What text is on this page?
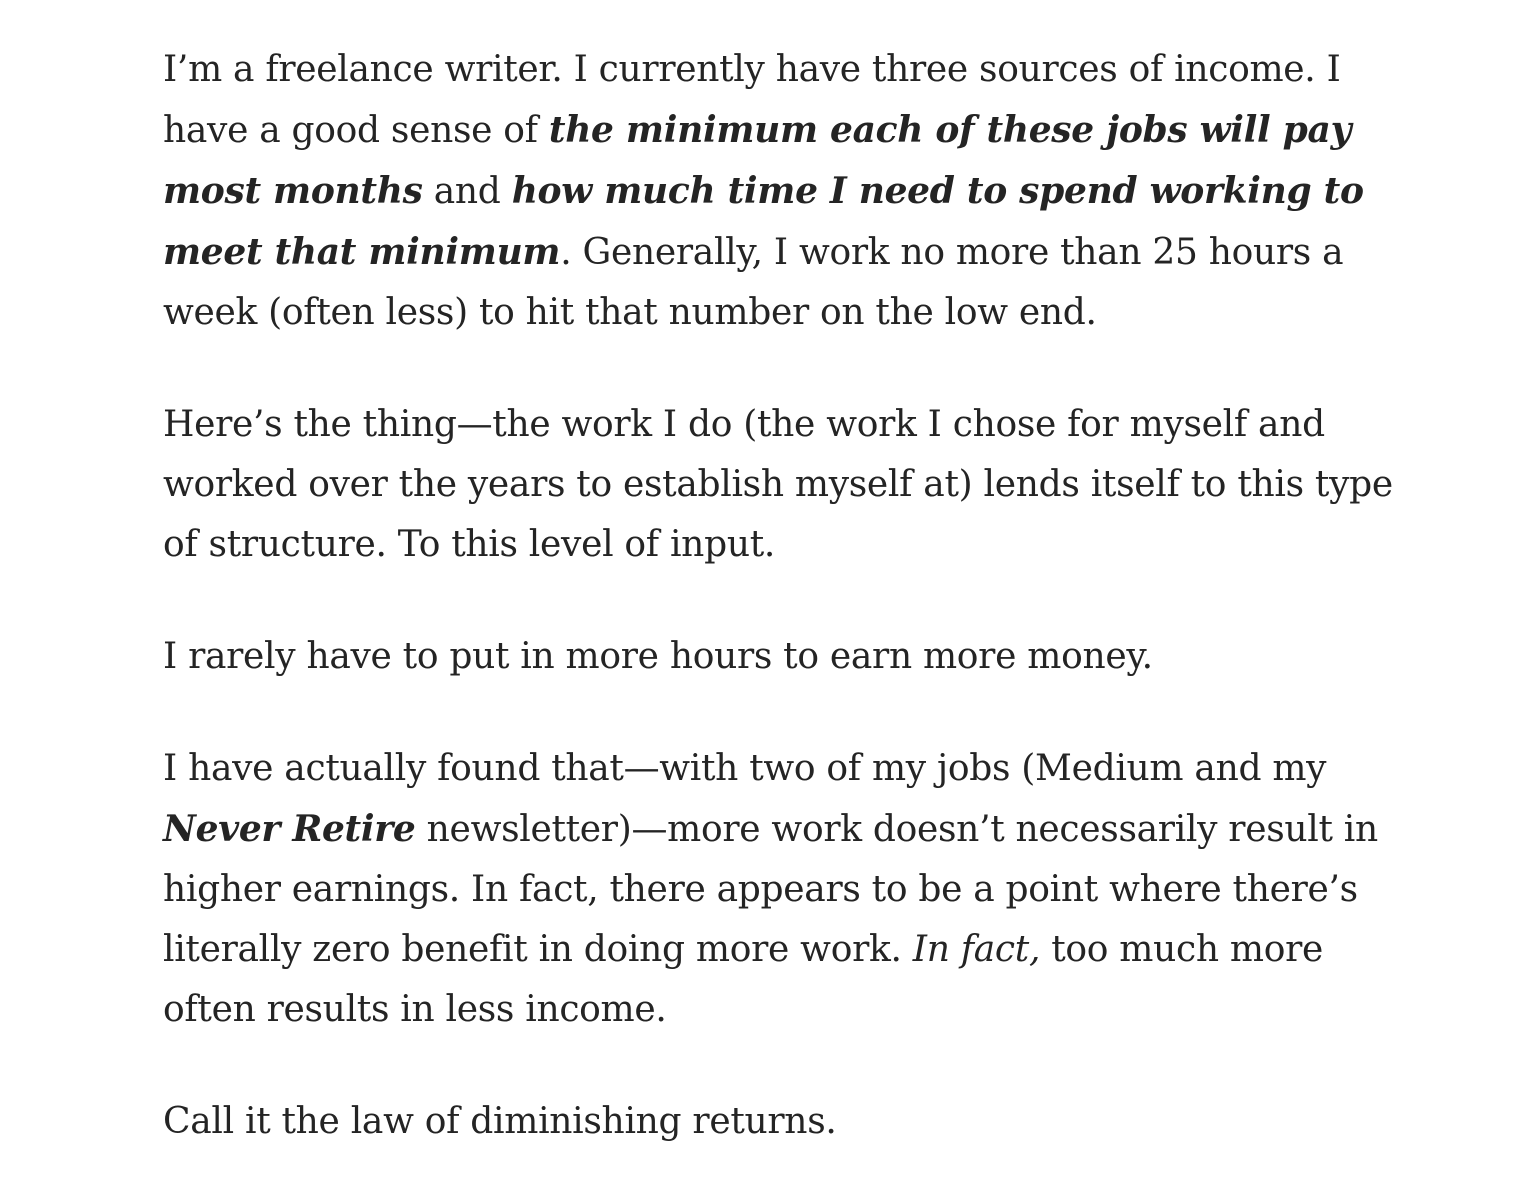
I’m a freelance writer. I currently have three sources of income. I have a good sense of the minimum each of these jobs will pay most months and how much time I need to spend working to meet that minimum. Generally, I work no more than 25 hours a week (often less) to hit that number on the low end.

Here’s the thing—the work I do (the work I chose for myself and worked over the years to establish myself at) lends itself to this type of structure. To this level of input.

I rarely have to put in more hours to earn more money.

I have actually found that—with two of my jobs (Medium and my Never Retire newsletter)—more work doesn’t necessarily result in higher earnings. In fact, there appears to be a point where there’s literally zero benefit in doing more work. In fact, too much more often results in less income.

Call it the law of diminishing returns.
